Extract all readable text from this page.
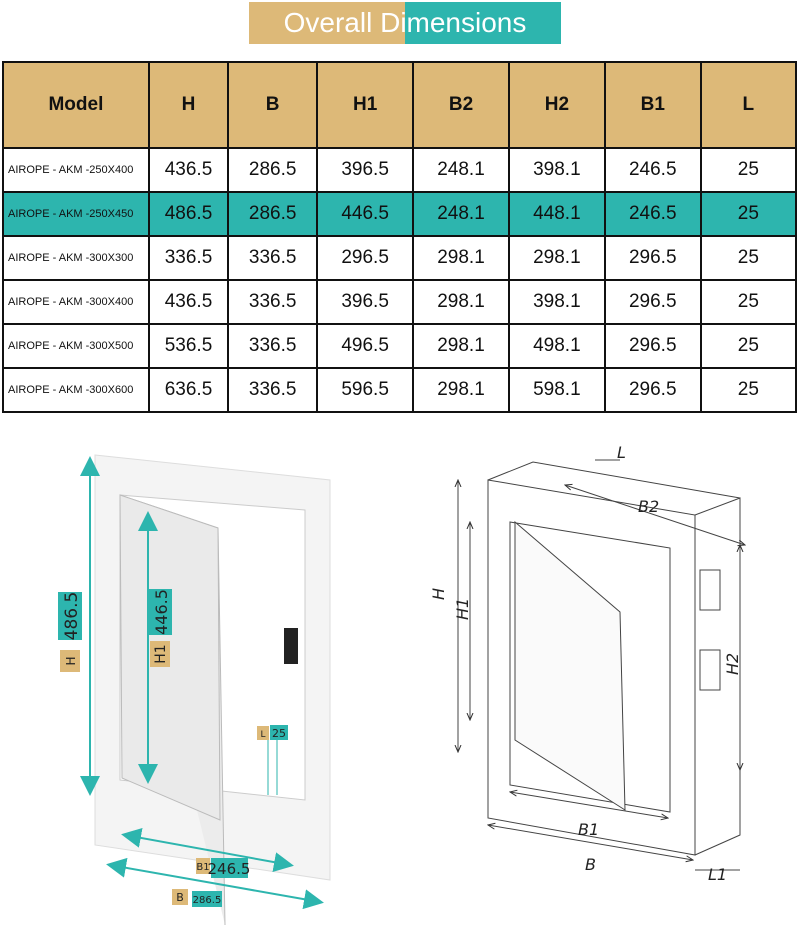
Overall Dimensions
Model	H	B	H1	B2	H2	B1	L
AIROPE - AKM -250X400	436.5	286.5	396.5	248.1	398.1	246.5	25
AIROPE - AKM -250X450	486.5	286.5	446.5	248.1	448.1	246.5	25
AIROPE - AKM -300X300	336.5	336.5	296.5	298.1	298.1	296.5	25
AIROPE - AKM -300X400	436.5	336.5	396.5	298.1	398.1	296.5	25
AIROPE - AKM -300X500	536.5	336.5	496.5	298.1	498.1	296.5	25
AIROPE - AKM -300X600	636.5	336.5	596.5	298.1	598.1	296.5	25
H
486.5
H1
446.5
L 25
B1
246.5
B 286.5
L
B2
H
H1
H2
B1
B
L1
